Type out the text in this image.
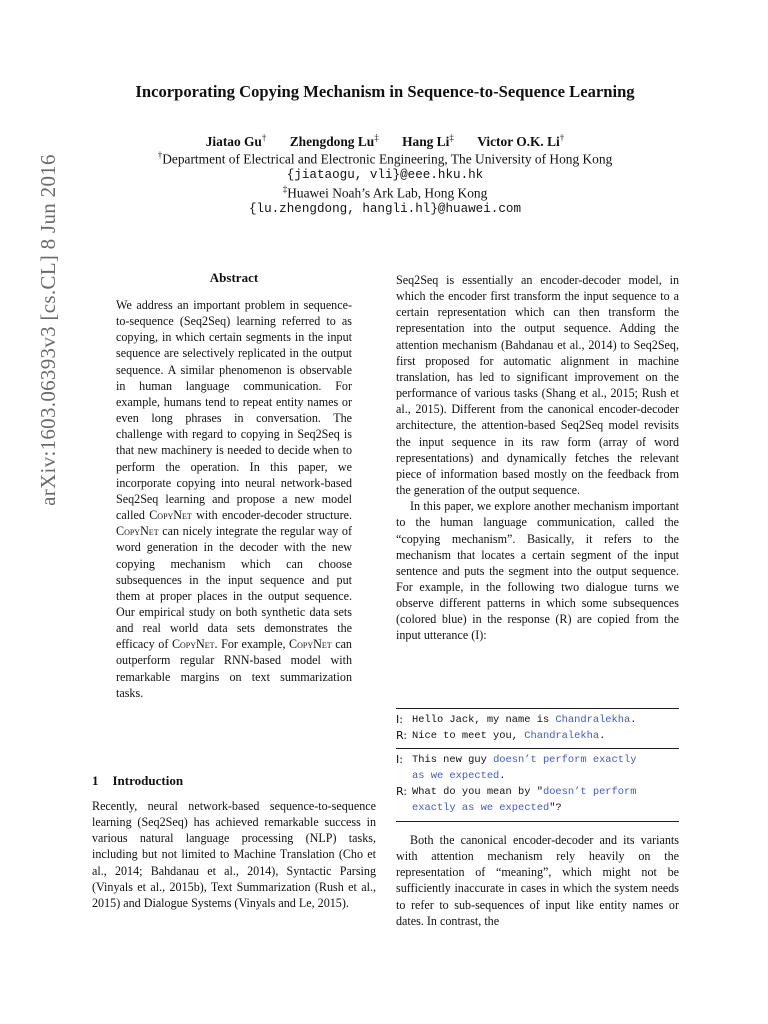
arXiv:1603.06393v3 [cs.CL] 8 Jun 2016
Incorporating Copying Mechanism in Sequence-to-Sequence Learning
Jiatao Gu† Zhengdong Lu‡ Hang Li‡ Victor O.K. Li†
†Department of Electrical and Electronic Engineering, The University of Hong Kong
{jiataogu, vli}@eee.hku.hk
‡Huawei Noah’s Ark Lab, Hong Kong
{lu.zhengdong, hangli.hl}@huawei.com
Abstract
We address an important problem in sequence-to-sequence (Seq2Seq) learning referred to as copying, in which certain segments in the input sequence are selectively replicated in the output sequence. A similar phenomenon is observable in human language communication. For example, humans tend to repeat entity names or even long phrases in conversation. The challenge with regard to copying in Seq2Seq is that new machinery is needed to decide when to perform the operation. In this paper, we incorporate copying into neural network-based Seq2Seq learning and propose a new model called CopyNet with encoder-decoder structure. CopyNet can nicely integrate the regular way of word generation in the decoder with the new copying mechanism which can choose subsequences in the input sequence and put them at proper places in the output sequence. Our empirical study on both synthetic data sets and real world data sets demonstrates the efficacy of CopyNet. For example, CopyNet can outperform regular RNN-based model with remarkable margins on text summarization tasks.
1 Introduction
Recently, neural network-based sequence-to-sequence learning (Seq2Seq) has achieved remarkable success in various natural language processing (NLP) tasks, including but not limited to Machine Translation (Cho et al., 2014; Bahdanau et al., 2014), Syntactic Parsing (Vinyals et al., 2015b), Text Summarization (Rush et al., 2015) and Dialogue Systems (Vinyals and Le, 2015).

Seq2Seq is essentially an encoder-decoder model, in which the encoder first transform the input sequence to a certain representation which can then transform the representation into the output sequence. Adding the attention mechanism (Bahdanau et al., 2014) to Seq2Seq, first proposed for automatic alignment in machine translation, has led to significant improvement on the performance of various tasks (Shang et al., 2015; Rush et al., 2015). Different from the canonical encoder-decoder architecture, the attention-based Seq2Seq model revisits the input sequence in its raw form (array of word representations) and dynamically fetches the relevant piece of information based mostly on the feedback from the generation of the output sequence.

In this paper, we explore another mechanism important to the human language communication, called the “copying mechanism”. Basically, it refers to the mechanism that locates a certain segment of the input sentence and puts the segment into the output sequence. For example, in the following two dialogue turns we observe different patterns in which some subsequences (colored blue) in the response (R) are copied from the input utterance (I):

I: Hello Jack, my name is Chandralekha.
R: Nice to meet you, Chandralekha.
I: This new guy doesn’t perform exactly
as we expected.
R: What do you mean by "doesn’t perform
exactly as we expected"?
Both the canonical encoder-decoder and its variants with attention mechanism rely heavily on the representation of “meaning”, which might not be sufficiently inaccurate in cases in which the system needs to refer to sub-sequences of input like entity names or dates. In contrast, the
